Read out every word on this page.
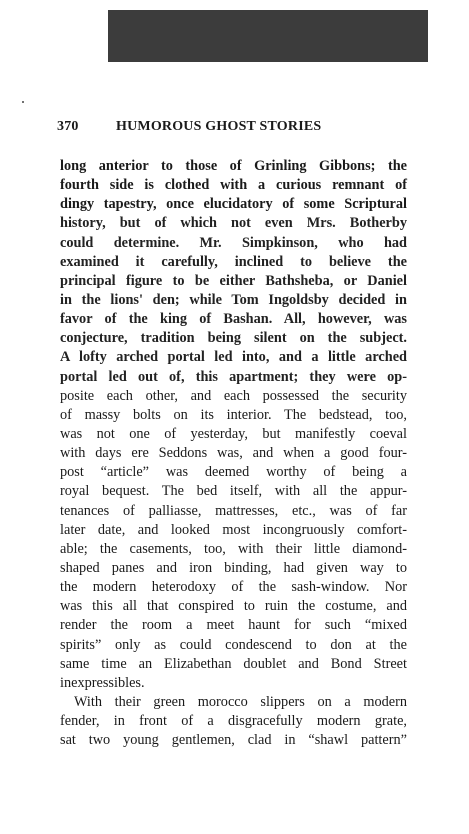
370	HUMOROUS GHOST STORIES
long anterior to those of Grinling Gibbons; the
fourth side is clothed with a curious remnant of
dingy tapestry, once elucidatory of some Scriptural
history, but of which not even Mrs. Botherby
could determine. Mr. Simpkinson, who had
examined it carefully, inclined to believe the
principal figure to be either Bathsheba, or Daniel
in the lions' den; while Tom Ingoldsby decided in
favor of the king of Bashan. All, however, was
conjecture, tradition being silent on the subject.
A lofty arched portal led into, and a little arched
portal led out of, this apartment; they were op-
posite each other, and each possessed the security
of massy bolts on its interior. The bedstead, too,
was not one of yesterday, but manifestly coeval
with days ere Seddons was, and when a good four-
post “article” was deemed worthy of being a
royal bequest. The bed itself, with all the appur-
tenances of palliasse, mattresses, etc., was of far
later date, and looked most incongruously comfort-
able; the casements, too, with their little diamond-
shaped panes and iron binding, had given way to
the modern heterodoxy of the sash-window. Nor
was this all that conspired to ruin the costume, and
render the room a meet haunt for such “mixed
spirits” only as could condescend to don at the
same time an Elizabethan doublet and Bond Street
inexpressibles.
With their green morocco slippers on a modern
fender, in front of a disgracefully modern grate,
sat two young gentlemen, clad in “shawl pattern”
